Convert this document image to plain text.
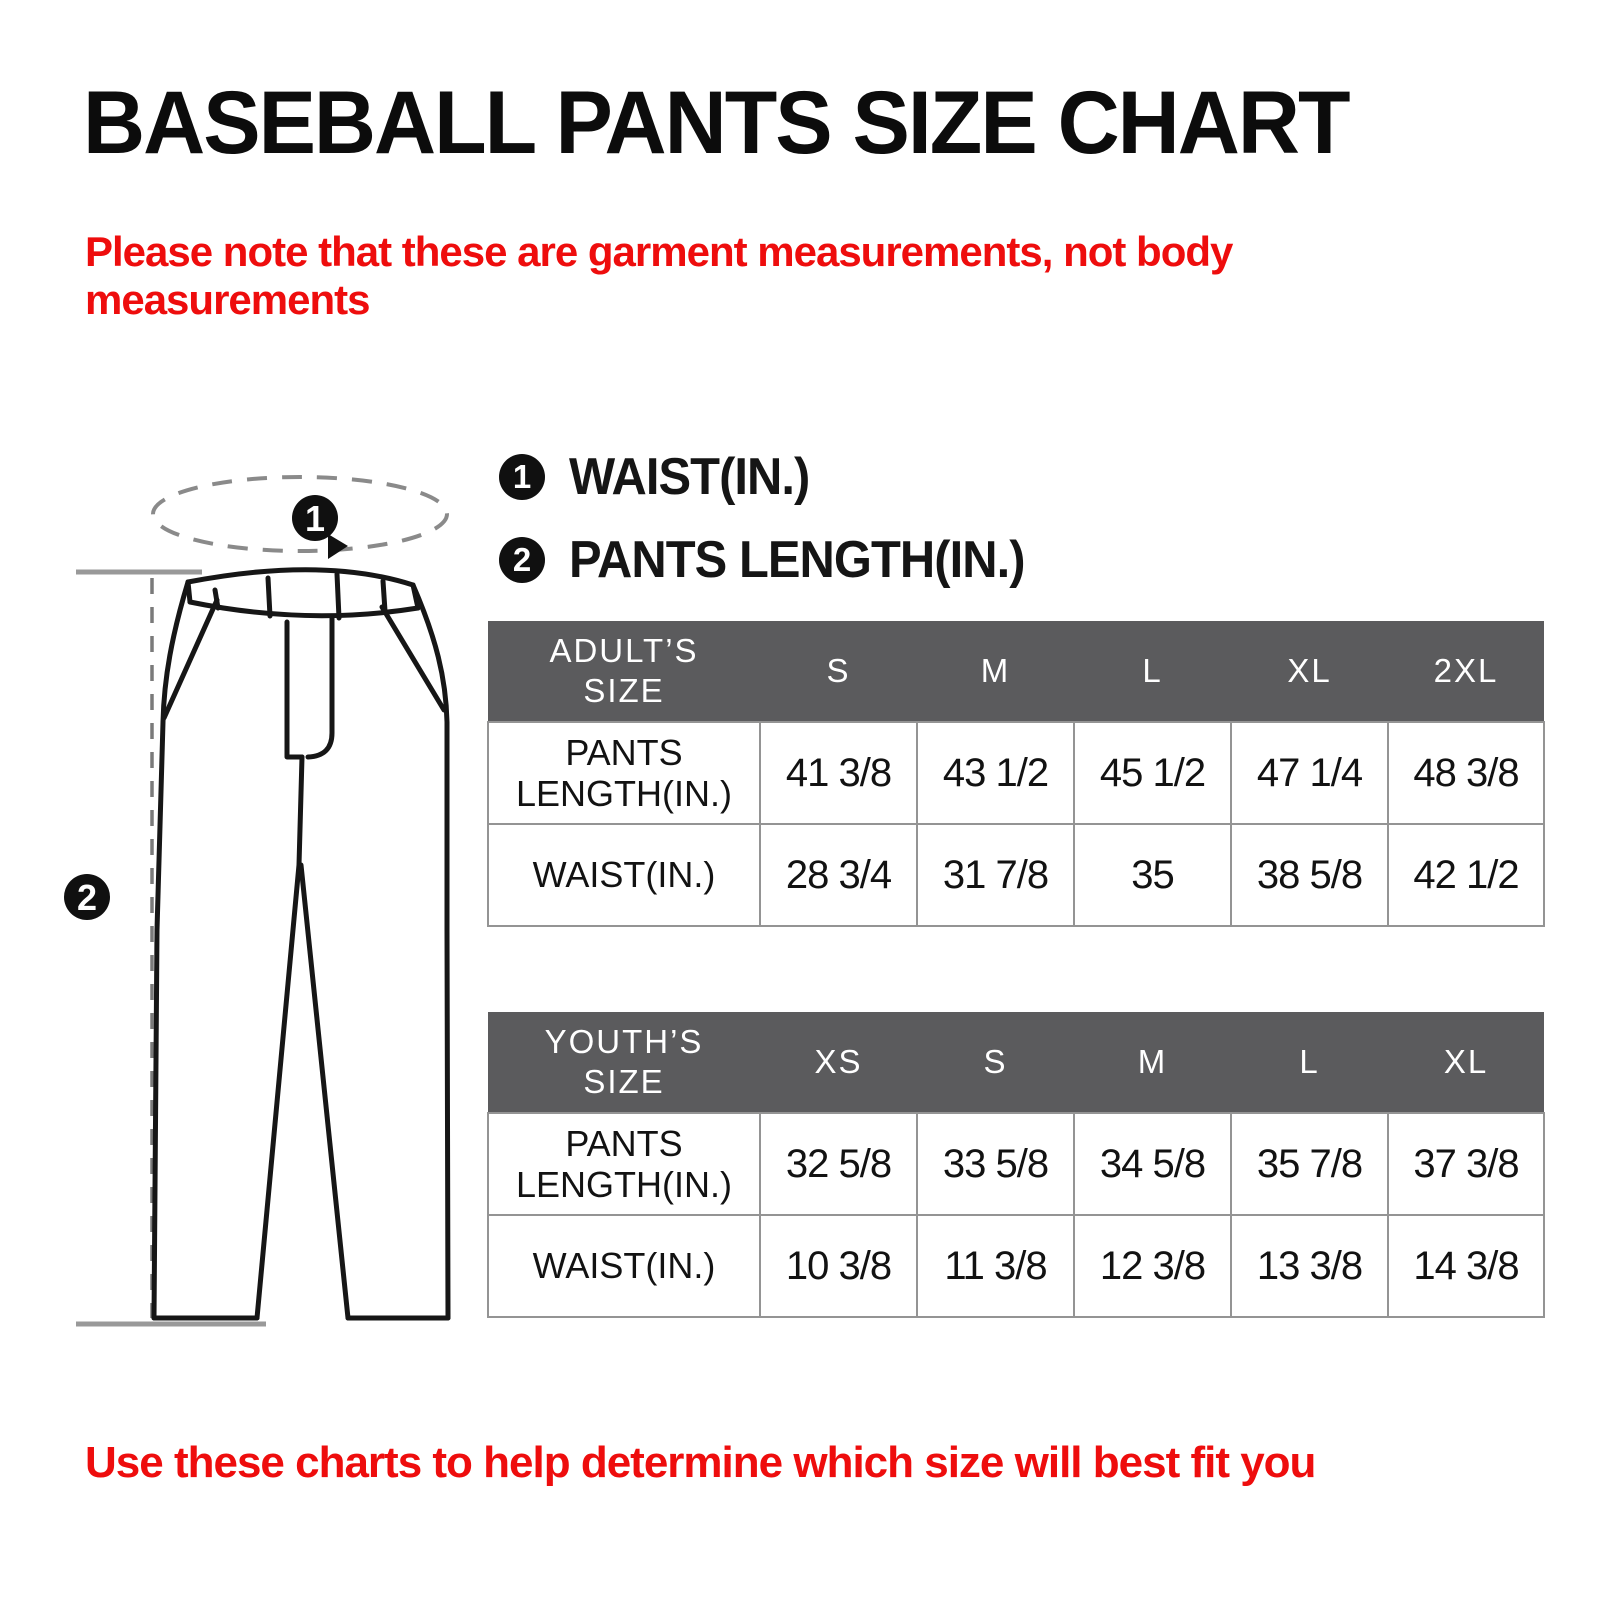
BASEBALL PANTS SIZE CHART
Please note that these are garment measurements, not body
measurements
1 WAIST(IN.)
2 PANTS LENGTH(IN.)
1
2
ADULT’S
SIZE	S	M	L	XL	2XL

PANTS
LENGTH(IN.)	41 3/8	43 1/2	45 1/2	47 1/4	48 3/8

WAIST(IN.)	28 3/4	31 7/8	35	38 5/8	42 1/2
YOUTH’S
SIZE	XS	S	M	L	XL

PANTS
LENGTH(IN.)	32 5/8	33 5/8	34 5/8	35 7/8	37 3/8

WAIST(IN.)	10 3/8	11 3/8	12 3/8	13 3/8	14 3/8
Use these charts to help determine which size will best fit you
